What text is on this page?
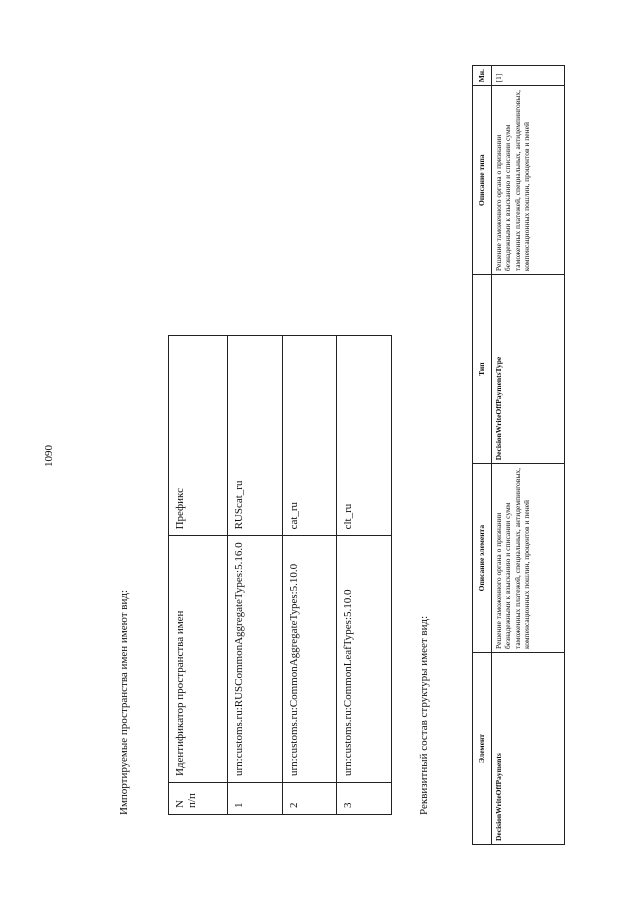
1090
Импортируемые пространства имен имеют вид:	N п/п	Идентификатор пространства имен	Префикс
1	urn:customs.ru:RUSCommonAggregateTypes:5.16.0	RUScat_ru
2	urn:customs.ru:CommonAggregateTypes:5.10.0	cat_ru
3	urn:customs.ru:CommonLeafTypes:5.10.0	clt_ru
Реквизитный состав структуры имеет вид:	Элемент	Описание элемента	Тип	Описание типа	Мн.
DecisionWriteOffPayments	Решение таможенного органа о признании безнадежными к взысканию и списании сумм таможенных платежей, специальных, антидемпинговых, компенсационных пошлин, процентов и пеней	DecisionWriteOffPaymentsType	Решение таможенного органа о признании безнадежными к взысканию и списании сумм таможенных платежей, специальных, антидемпинговых, компенсационных пошлин, процентов и пеней	[1]
